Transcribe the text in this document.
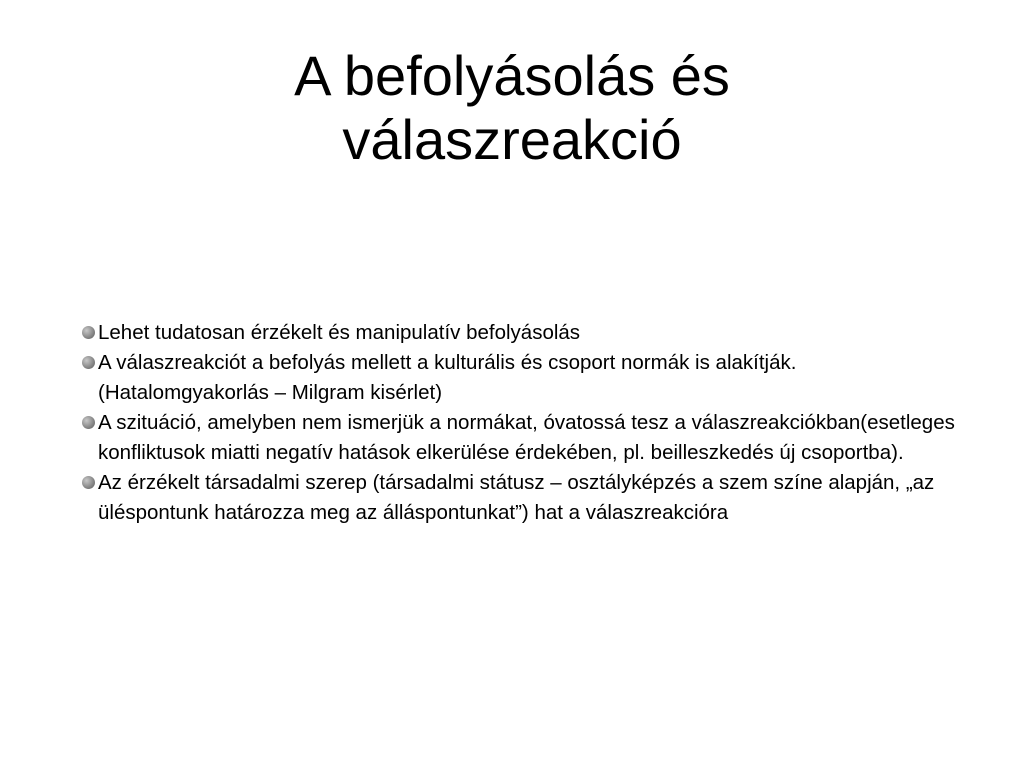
A befolyásolás és
válaszreakció
Lehet tudatosan érzékelt és manipulatív befolyásolás
A válaszreakciót a befolyás mellett a kulturális és csoport normák is alakítják. (Hatalomgyakorlás – Milgram kisérlet)
A szituáció, amelyben nem ismerjük a normákat, óvatossá tesz a válaszreakciókban(esetleges konfliktusok miatti negatív hatások elkerülése érdekében, pl. beilleszkedés új csoportba).
Az érzékelt társadalmi szerep (társadalmi státusz – osztályképzés a szem színe alapján, „az üléspontunk határozza meg az álláspontunkat”) hat a válaszreakcióra
